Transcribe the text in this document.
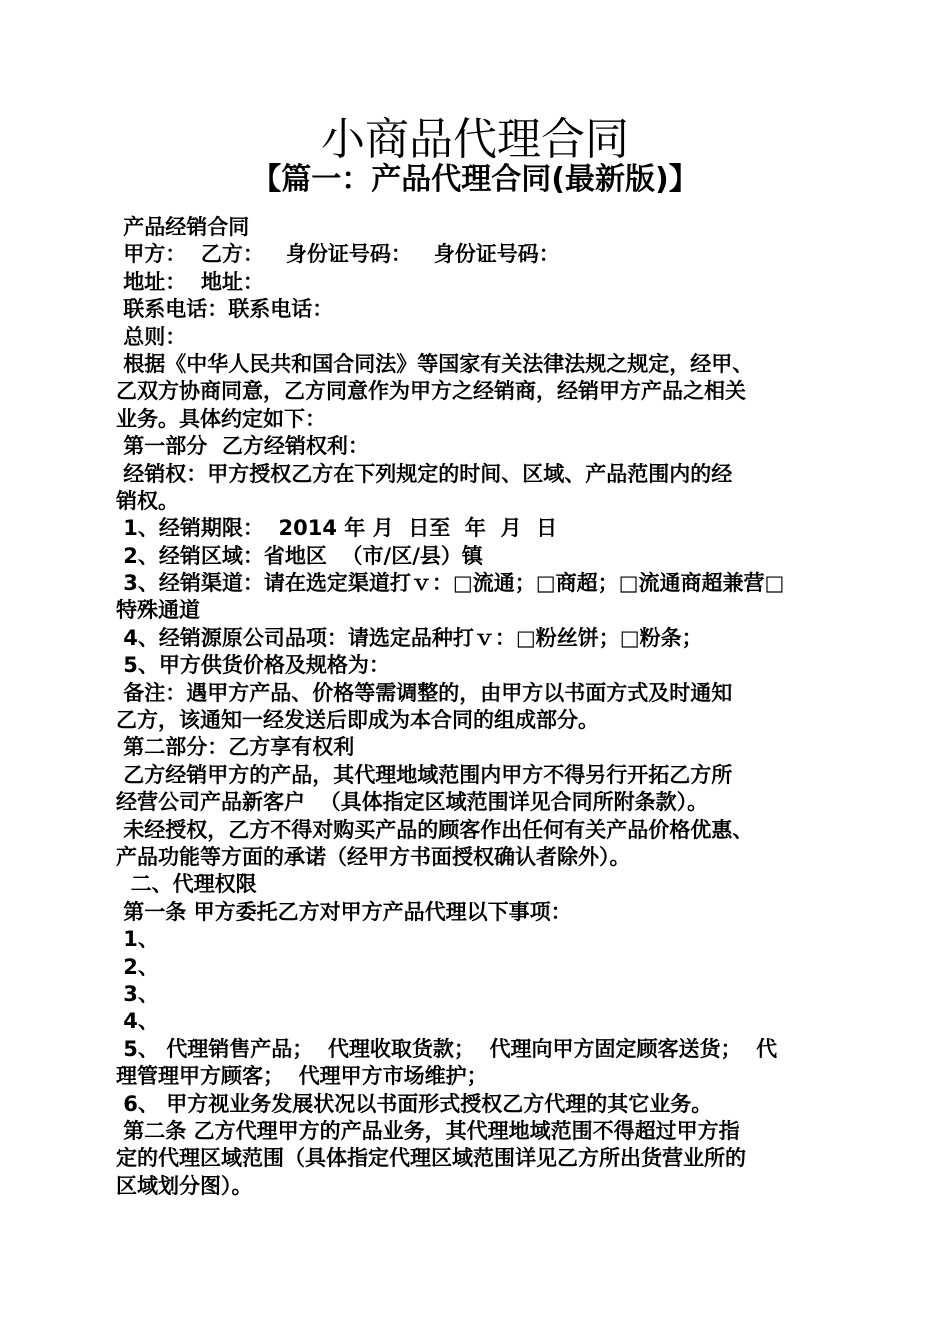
小商品代理合同
【篇一：产品代理合同(最新版)】
产品经销合同
甲方：  乙方：   身份证号码：   身份证号码：
地址：  地址：
联系电话：联系电话：
总则：
根据《中华人民共和国合同法》等国家有关法律法规之规定，经甲、
乙双方协商同意，乙方同意作为甲方之经销商，经销甲方产品之相关
业务。具体约定如下：
第一部分  乙方经销权利：
经销权：甲方授权乙方在下列规定的时间、区域、产品范围内的经
销权。
1、经销期限：  2014 年 月  日至  年  月  日
2、经销区域：省地区  （市/区/县）镇
3、经销渠道：请在选定渠道打ｖ：□流通；□商超；□流通商超兼营□
特殊通道
4、经销源原公司品项：请选定品种打ｖ：□粉丝饼；□粉条；
5、甲方供货价格及规格为：
备注：遇甲方产品、价格等需调整的，由甲方以书面方式及时通知
乙方，该通知一经发送后即成为本合同的组成部分。
第二部分：乙方享有权利
乙方经销甲方的产品，其代理地域范围内甲方不得另行开拓乙方所
经营公司产品新客户  （具体指定区域范围详见合同所附条款）。
未经授权，乙方不得对购买产品的顾客作出任何有关产品价格优惠、
产品功能等方面的承诺（经甲方书面授权确认者除外）。
二、代理权限
第一条 甲方委托乙方对甲方产品代理以下事项：
1、
2、
3、
4、
5、 代理销售产品；  代理收取货款；  代理向甲方固定顾客送货；  代
理管理甲方顾客；  代理甲方市场维护；
6、 甲方视业务发展状况以书面形式授权乙方代理的其它业务。
第二条 乙方代理甲方的产品业务，其代理地域范围不得超过甲方指
定的代理区域范围（具体指定代理区域范围详见乙方所出货营业所的
区域划分图）。
